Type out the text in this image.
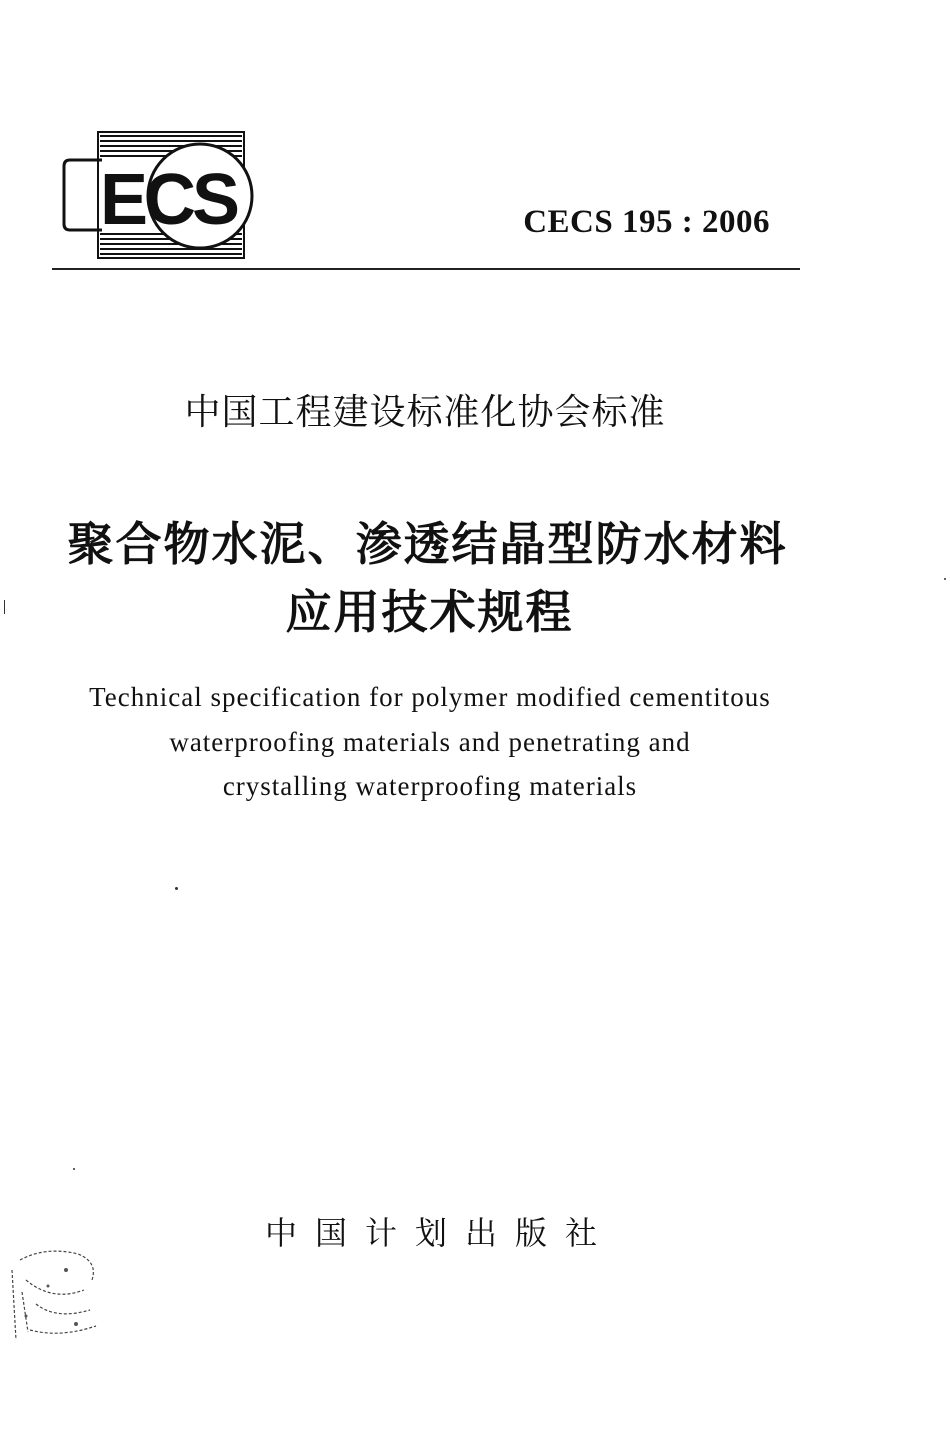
ECS	CECS 195 : 2006
中国工程建设标准化协会标准
聚合物水泥、渗透结晶型防水材料
应用技术规程
Technical specification for polymer modified cementitous
waterproofing materials and penetrating and
crystalling waterproofing materials
中国计划出版社
